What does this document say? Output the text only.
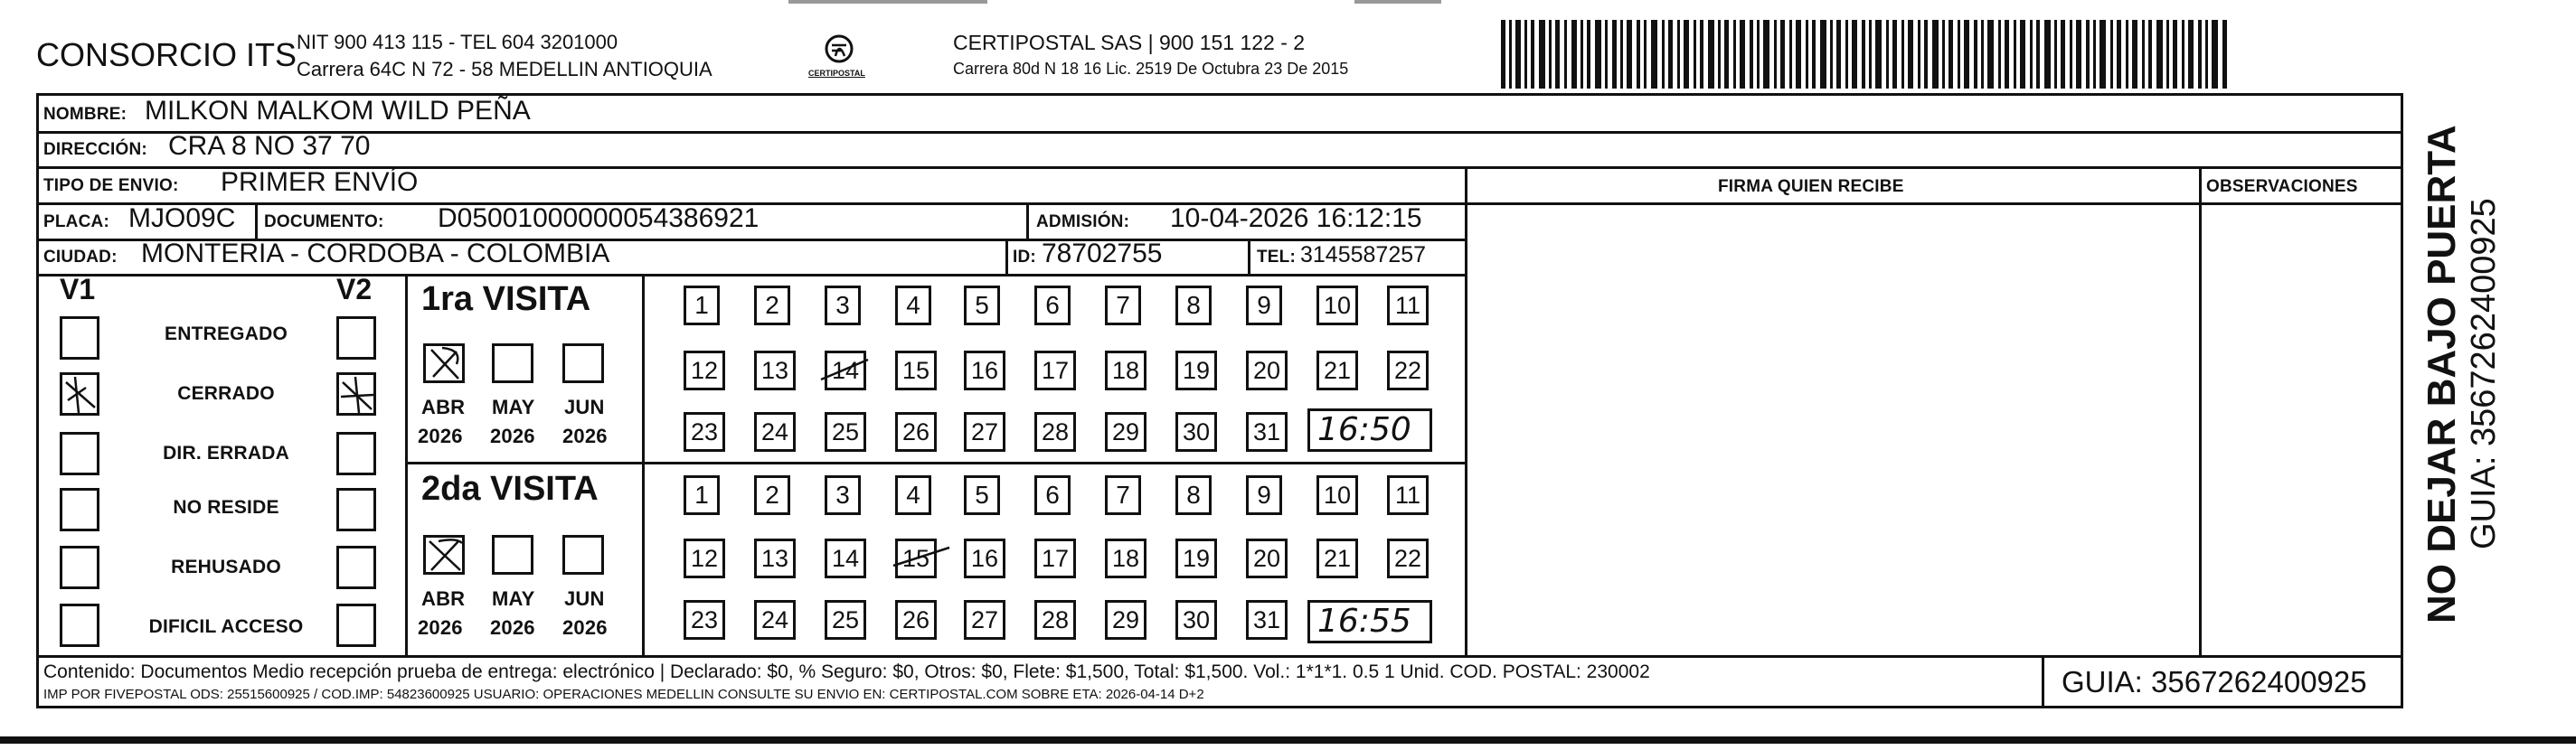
CONSORCIO ITS NIT 900 413 115 - TEL 604 3201000
Carrera 64C N 72 - 58 MEDELLIN ANTIOQUIA	CERTIPOSTAL
CERTIPOSTAL SAS | 900 151 122 - 2
Carrera 80d N 18 16 Lic. 2519 De Octubra 23 De 2015
NOMBRE: MILKON MALKOM WILD PEÑA
DIRECCIÓN: CRA 8 NO 37 70
TIPO DE ENVIO: PRIMER ENVÍO	FIRMA QUIEN RECIBE	OBSERVACIONES
PLACA: MJO09C DOCUMENTO: D050010000000543​86921	ADMISIÓN: 10-04-2026 16:12:15
CIUDAD: MONTERIA - CORDOBA - COLOMBIA	ID: 78702755	TEL: 3145587257
V1	V2
ENTREGADO
CERRADO
DIR. ERRADA
NO RESIDE
REHUSADO
DIFICIL ACCESO
1ra VISITA
ABR MAY JUN
2026 2026 2026
1	2	3	4	5	6	7	8	9	10	11
12 13 14 15 16 17 18 19 20 21 22
23 24 25 26 27 28 29 30 31 16:50
2da VISITA
ABR MAY JUN
2026 2026 2026
1	2	3	4	5	6	7	8	9	10	11
12 13 14 15 16 17 18 19 20 21 22
23 24 25 26 27 28 29 30 31 16:55	NO DEJAR BAJO PUERTA GUIA: 3567262400925
Contenido: Documentos Medio recepción prueba de entrega: electrónico | Declarado: $0, % Seguro: $0, Otros: $0, Flete: $1,500, Total: $1,500. Vol.: 1*1*1. 0.5 1 Unid. COD. POSTAL: 230002
IMP POR FIVEPOSTAL ODS: 25515600925 / COD.IMP: 54823600925 USUARIO: OPERACIONES MEDELLIN CONSULTE SU ENVIO EN: CERTIPOSTAL.COM SOBRE ETA: 2026-04-14 D+2	GUIA: 3567262400925
